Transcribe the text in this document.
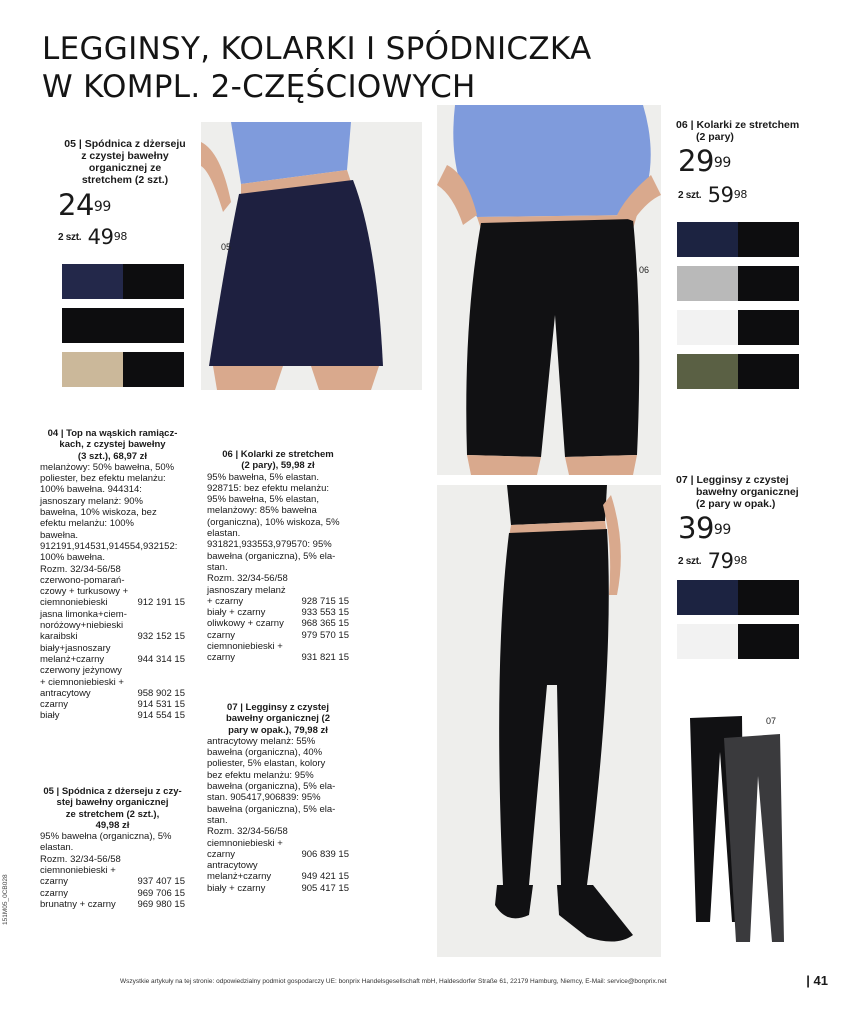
LEGGINSY, KOLARKI I SPÓDNICZKA
W KOMPL. 2-CZĘŚCIOWYCH
05 | Spódnica z dżerseju
z czystej bawełny
organicznej ze
stretchem (2 szt.)
$24^{99}$
2 szt. $49^{98}$
05
06
06 | Kolarki ze stretchem
(2 pary)
$29^{99}$
2 szt. $59^{98}$
07 | Legginsy z czystej
bawełny organicznej
(2 pary w opak.)
$39^{99}$
2 szt. $79^{98}$
07
04 | Top na wąskich ramiącz-
kach, z czystej bawełny
(3 szt.), 68,97 zł
melanżowy: 50% bawełna, 50%
poliester, bez efektu melanżu:
100% bawełna. 944314:
jasnoszary melanż: 90%
bawełna, 10% wiskoza, bez
efektu melanżu: 100%
bawełna.
912191,914531,914554,932152:
100% bawełna.
Rozm. 32/34-56/58
czerwono-pomarań-
czowy + turkusowy +
ciemnoniebieski	912 191 15
jasna limonka+ciem-
noróżowy+niebieski
karaibski	932 152 15
biały+jasnoszary
melanż+czarny	944 314 15
czerwony jeżynowy
+ ciemnoniebieski +
antracytowy	958 902 15
czarny	914 531 15
biały	914 554 15
05 | Spódnica z dżerseju z czy-
stej bawełny organicznej
ze stretchem (2 szt.),
49,98 zł
95% bawełna (organiczna), 5%
elastan.
Rozm. 32/34-56/58
ciemnoniebieski +
czarny	937 407 15
czarny	969 706 15
brunatny + czarny 969 980 15
06 | Kolarki ze stretchem
(2 pary), 59,98 zł
95% bawełna, 5% elastan.
928715: bez efektu melanżu:
95% bawełna, 5% elastan,
melanżowy: 85% bawełna
(organiczna), 10% wiskoza, 5%
elastan.
931821,933553,979570: 95%
bawełna (organiczna), 5% ela-
stan.
Rozm. 32/34-56/58
jasnoszary melanż
+ czarny	928 715 15
biały + czarny	933 553 15
oliwkowy + czarny 968 365 15
czarny	979 570 15
ciemnoniebieski +
czarny	931 821 15
07 | Legginsy z czystej
bawełny organicznej (2
pary w opak.), 79,98 zł
antracytowy melanż: 55%
bawełna (organiczna), 40%
poliester, 5% elastan, kolory
bez efektu melanżu: 95%
bawełna (organiczna), 5% ela-
stan. 905417,906839: 95%
bawełna (organiczna), 5% ela-
stan.
Rozm. 32/34-56/58
ciemnoniebieski +
czarny	906 839 15
antracytowy
melanż+czarny	949 421 15
biały + czarny	905 417 15
Wszystkie artykuły na tej stronie: odpowiedzialny podmiot gospodarczy UE: bonprix Handelsgesellschaft mbH, Haldesdorfer Straße 61, 22179 Hamburg, Niemcy, E-Mail: service@bonprix.net	| 41
151M05_0CB028
